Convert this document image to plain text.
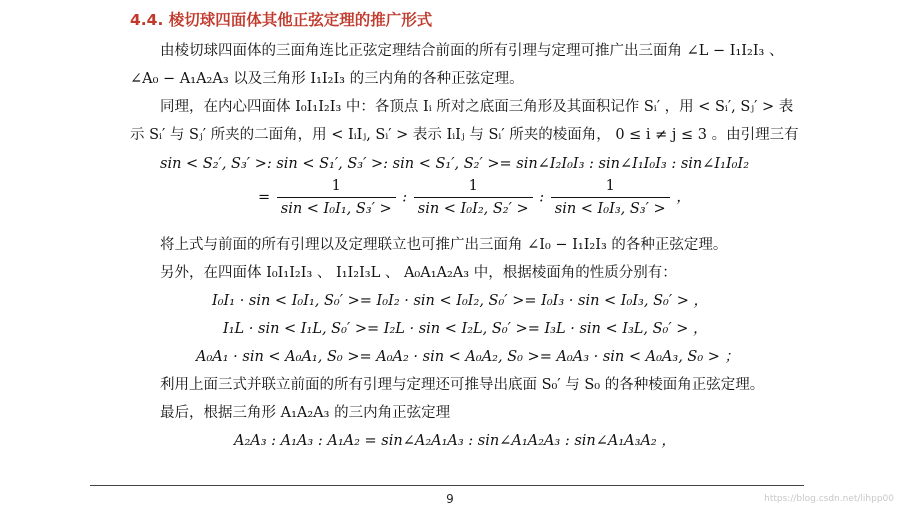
4.4. 棱切球四面体其他正弦定理的推广形式
由棱切球四面体的三面角连比正弦定理结合前面的所有引理与定理可推广出三面角 ∠L − I₁I₂I₃ 、
∠A₀ − A₁A₂A₃ 以及三角形 I₁I₂I₃ 的三内角的各种正弦定理。
同理，在内心四面体 I₀I₁I₂I₃ 中：各顶点 Iᵢ 所对之底面三角形及其面积记作 Sᵢ′ ，用 < Sᵢ′, Sⱼ′ > 表
示 Sᵢ′ 与 Sⱼ′ 所夹的二面角，用 < IᵢIⱼ, Sᵢ′ > 表示 IᵢIⱼ 与 Sᵢ′ 所夹的棱面角， 0 ≤ i ≠ j ≤ 3 。由引理三有
sin < S₂′, S₃′ >: sin < S₁′, S₃′ >: sin < S₁′, S₂′ >= sin∠I₂I₀I₃ : sin∠I₁I₀I₃ : sin∠I₁I₀I₂
= $\frac{1}{\text{sin < I₀I₁, S₃′ >}}$ : $\frac{1}{\text{sin < I₀I₂, S₂′ >}}$ : $\frac{1}{\text{sin < I₀I₃, S₃′ >}}$ ，
将上式与前面的所有引理以及定理联立也可推广出三面角 ∠I₀ − I₁I₂I₃ 的各种正弦定理。
另外，在四面体 I₀I₁I₂I₃ 、 I₁I₂I₃L 、 A₀A₁A₂A₃ 中，根据棱面角的性质分别有：
I₀I₁ · sin < I₀I₁, S₀′ >= I₀I₂ · sin < I₀I₂, S₀′ >= I₀I₃ · sin < I₀I₃, S₀′ > ，
I₁L · sin < I₁L, S₀′ >= I₂L · sin < I₂L, S₀′ >= I₃L · sin < I₃L, S₀′ > ，
A₀A₁ · sin < A₀A₁, S₀ >= A₀A₂ · sin < A₀A₂, S₀ >= A₀A₃ · sin < A₀A₃, S₀ > ；
利用上面三式并联立前面的所有引理与定理还可推导出底面 S₀′ 与 S₀ 的各种棱面角正弦定理。
最后，根据三角形 A₁A₂A₃ 的三内角正弦定理
A₂A₃ : A₁A₃ : A₁A₂ = sin∠A₂A₁A₃ : sin∠A₁A₂A₃ : sin∠A₁A₃A₂ ，
9	https://blog.csdn.net/lihpp00
